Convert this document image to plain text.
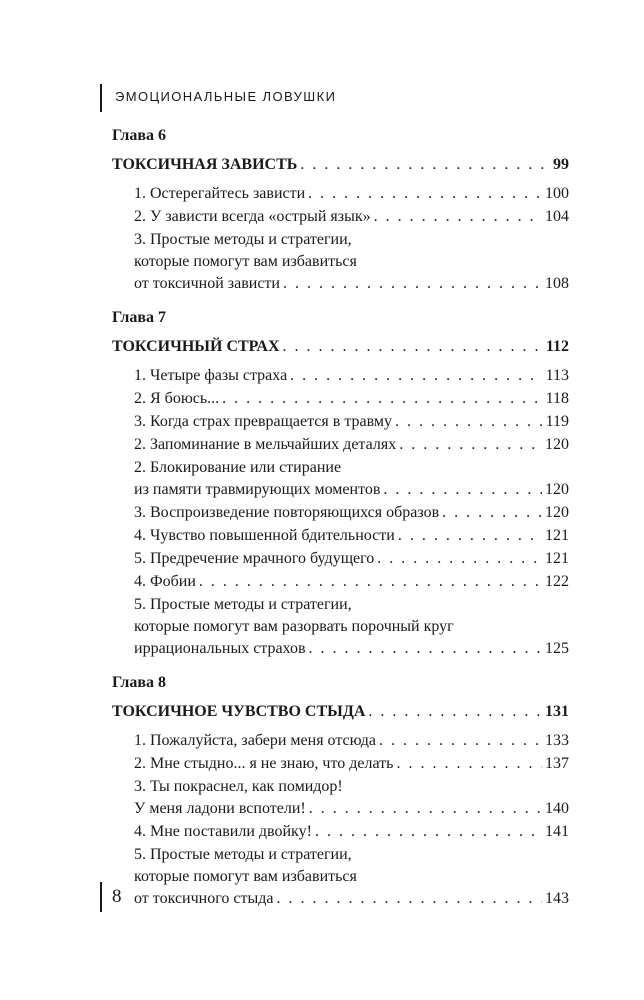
ЭМОЦИОНАЛЬНЫЕ ЛОВУШКИ
Глава 6
ТОКСИЧНАЯ ЗАВИСТЬ . . .	99
1. Остерегайтесь зависти . . .	100
2. У зависти всегда «острый язык» . . .	104
3. Простые методы и стратегии,
которые помогут вам избавиться
от токсичной зависти . . .	108
Глава 7
ТОКСИЧНЫЙ СТРАХ . . .	112
1. Четыре фазы страха . . .	113
2. Я боюсь... . . .	118
3. Когда страх превращается в травму . . .	119
2. Запоминание в мельчайших деталях . . .	120
2. Блокирование или стирание
из памяти травмирующих моментов . . .	120
3. Воспроизведение повторяющихся образов . . .	120
4. Чувство повышенной бдительности . . .	121
5. Предречение мрачного будущего . . .	121
4. Фобии . . .	122
5. Простые методы и стратегии,
которые помогут вам разорвать порочный круг
иррациональных страхов . . .	125
Глава 8
ТОКСИЧНОЕ ЧУВСТВО СТЫДА . . .	131
1. Пожалуйста, забери меня отсюда . . .	133
2. Мне стыдно... я не знаю, что делать . . .	137
3. Ты покраснел, как помидор!
У меня ладони вспотели! . . .	140
4. Мне поставили двойку! . . .	141
5. Простые методы и стратегии,
которые помогут вам избавиться
от токсичного стыда . . .	143
8
